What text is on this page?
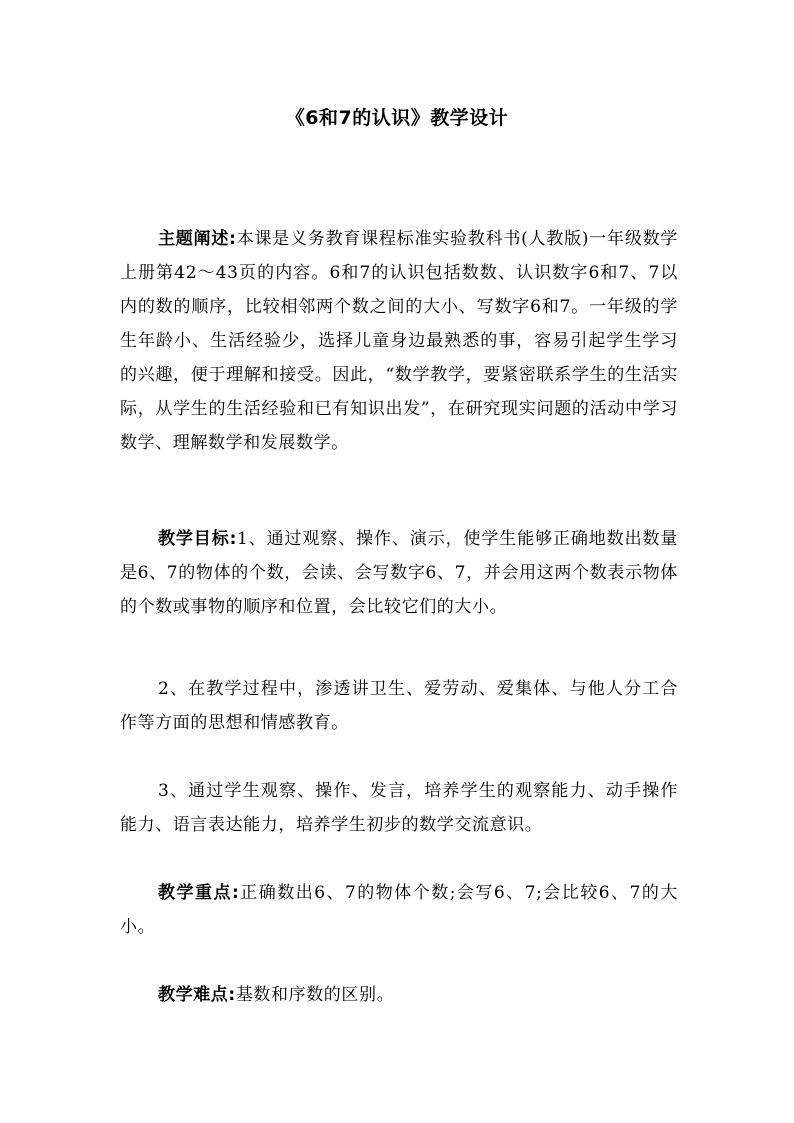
《6和7的认识》教学设计

主题阐述:本课是义务教育课程标准实验教科书(人教版)一年级数学上册第42～43页的内容。6和7的认识包括数数、认识数字6和7、7以内的数的顺序，比较相邻两个数之间的大小、写数字6和7。一年级的学生年龄小、生活经验少，选择儿童身边最熟悉的事，容易引起学生学习的兴趣，便于理解和接受。因此，“数学教学，要紧密联系学生的生活实际，从学生的生活经验和已有知识出发”，在研究现实问题的活动中学习数学、理解数学和发展数学。

教学目标:1、通过观察、操作、演示，使学生能够正确地数出数量是6、7的物体的个数，会读、会写数字6、7，并会用这两个数表示物体的个数或事物的顺序和位置，会比较它们的大小。

2、在教学过程中，渗透讲卫生、爱劳动、爱集体、与他人分工合作等方面的思想和情感教育。

3、通过学生观察、操作、发言，培养学生的观察能力、动手操作能力、语言表达能力，培养学生初步的数学交流意识。

教学重点:正确数出6、7的物体个数;会写6、7;会比较6、7的大小。

教学难点:基数和序数的区别。
